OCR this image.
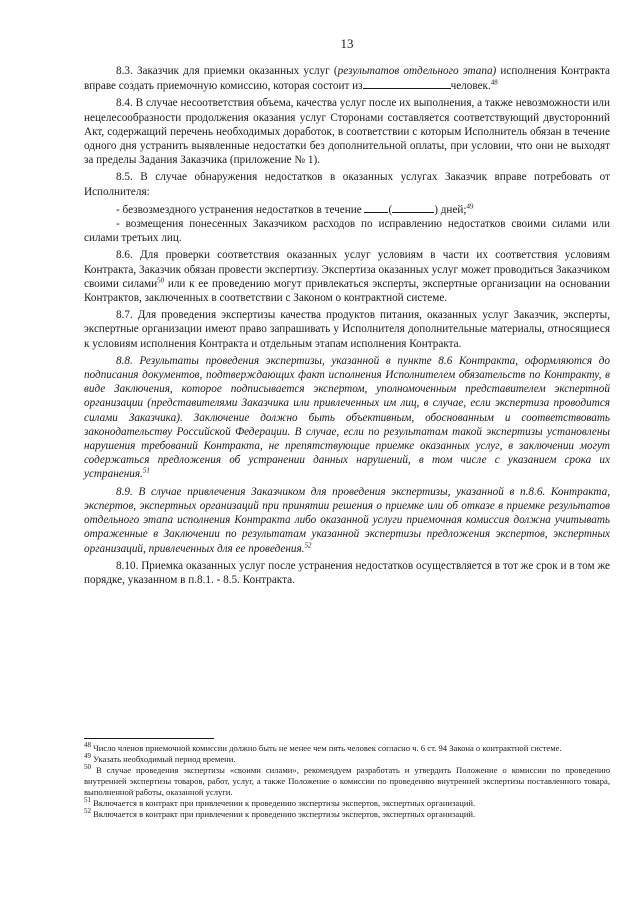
13

8.3. Заказчик для приемки оказанных услуг (результатов отдельного этапа) исполнения Контракта вправе создать приемочную комиссию, которая состоит из	человек.$^{48}$

8.4. В случае несоответствия объема, качества услуг после их выполнения, а также невозможности или нецелесообразности продолжения оказания услуг Сторонами составляется соответствующий двусторонний Акт, содержащий перечень необходимых доработок, в соответствии с которым Исполнитель обязан в течение одного дня устранить выявленные недостатки без дополнительной оплаты, при условии, что они не выходят за пределы Задания Заказчика (приложение № 1).

8.5. В случае обнаружения недостатков в оказанных услугах Заказчик вправе потребовать от Исполнителя:

- безвозмездного устранения недостатков в течение (	) дней;$^{49}$

- возмещения понесенных Заказчиком расходов по исправлению недостатков своими силами или силами третьих лиц.

8.6. Для проверки соответствия оказанных услуг условиям в части их соответствия условиям Контракта, Заказчик обязан провести экспертизу. Экспертиза оказанных услуг может проводиться Заказчиком своими силами$^{50}$ или к ее проведению могут привлекаться эксперты, экспертные организации на основании Контрактов, заключенных в соответствии с Законом о контрактной системе.

8.7. Для проведения экспертизы качества продуктов питания, оказанных услуг Заказчик, эксперты, экспертные организации имеют право запрашивать у Исполнителя дополнительные материалы, относящиеся к условиям исполнения Контракта и отдельным этапам исполнения Контракта.

8.8. Результаты проведения экспертизы, указанной в пункте 8.6 Контракта, оформляются до подписания документов, подтверждающих факт исполнения Исполнителем обязательств по Контракту, в виде Заключения, которое подписывается экспертом, уполномоченным представителем экспертной организации (представителями Заказчика или привлеченных им лиц, в случае, если экспертиза проводится силами Заказчика). Заключение должно быть объективным, обоснованным и соответствовать законодательству Российской Федерации. В случае, если по результатам такой экспертизы установлены нарушения требований Контракта, не препятствующие приемке оказанных услуг, в заключении могут содержаться предложения об устранении данных нарушений, в том числе с указанием срока их устранения.$^{51}$

8.9. В случае привлечения Заказчиком для проведения экспертизы, указанной в п.8.6. Контракта, экспертов, экспертных организаций при принятии решения о приемке или об отказе в приемке результатов отдельного этапа исполнения Контракта либо оказанной услуги приемочная комиссия должна учитывать отраженные в Заключении по результатам указанной экспертизы предложения экспертов, экспертных организаций, привлеченных для ее проведения.$^{52}$

8.10. Приемка оказанных услуг после устранения недостатков осуществляется в тот же срок и в том же порядке, указанном в п.8.1. - 8.5. Контракта.

$^{48}$ Число членов приемочной комиссии должно быть не менее чем пять человек согласно ч. 6 ст. 94 Закона о контрактной системе.

$^{49}$ Указать необходимый период времени.

$^{50}$ В случае проведения экспертизы «своими силами», рекомендуем разработать и утвердить Положение о комиссии по проведению внутренней экспертизы товаров, работ, услуг, а также Положение о комиссии по проведению внутренней экспертизы поставленного товара, выполненной работы, оказанной услуги.

$^{51}$ Включается в контракт при привлечении к проведению экспертизы экспертов, экспертных организаций.

$^{52}$ Включается в контракт при привлечении к проведению экспертизы экспертов, экспертных организаций.
